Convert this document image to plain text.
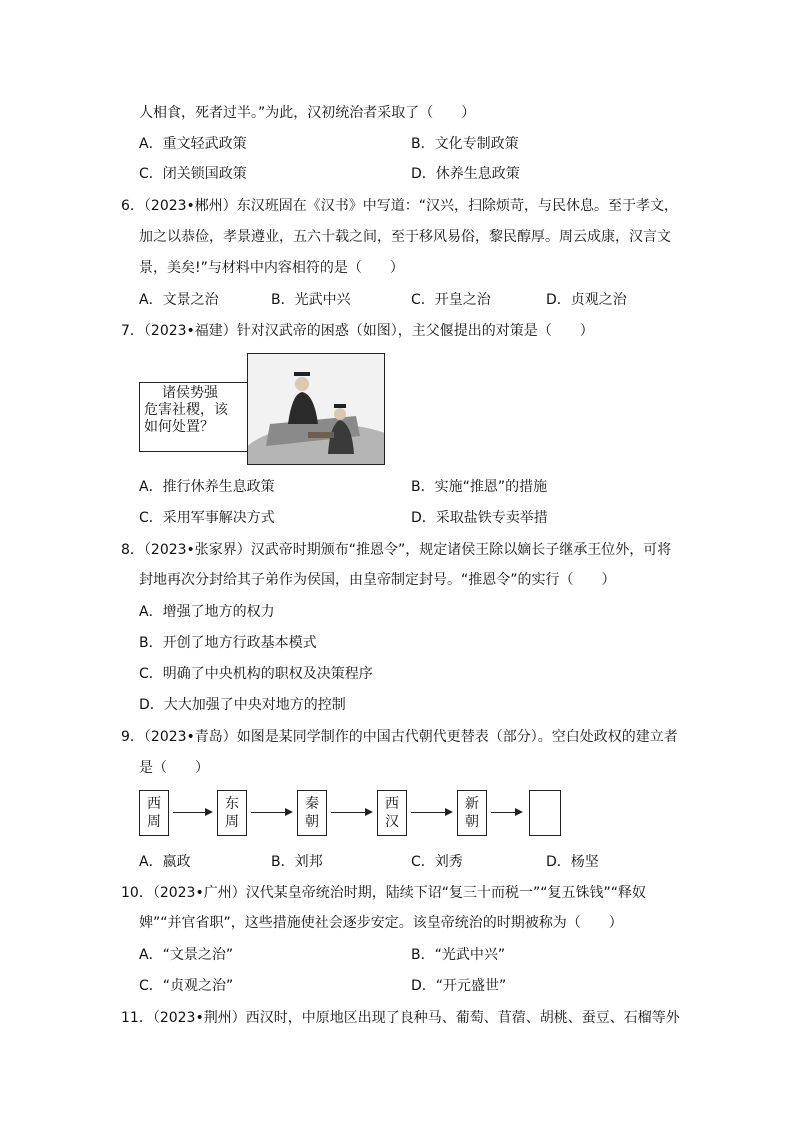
人相食，死者过半。”为此，汉初统治者采取了（　　）
A．重文轻武政策	B．文化专制政策
C．闭关锁国政策	D．休养生息政策
6．（2023•郴州）东汉班固在《汉书》中写道：“汉兴，扫除烦苛，与民休息。至于孝文，
加之以恭俭，孝景遵业，五六十载之间，至于移风易俗，黎民醇厚。周云成康，汉言文
景，美矣!”与材料中内容相符的是（　　）
A．文景之治	B．光武中兴	C．开皇之治	D．贞观之治
7．（2023•福建）针对汉武帝的困惑（如图），主父偃提出的对策是（　　）
诸侯势强
危害社稷，该
如何处置？
A．推行休养生息政策	B．实施“推恩”的措施
C．采用军事解决方式	D．采取盐铁专卖举措
8．（2023•张家界）汉武帝时期颁布“推恩令”，规定诸侯王除以嫡长子继承王位外，可将
封地再次分封给其子弟作为侯国，由皇帝制定封号。“推恩令”的实行（　　）
A．增强了地方的权力
B．开创了地方行政基本模式
C．明确了中央机构的职权及决策程序
D．大大加强了中央对地方的控制
9．（2023•青岛）如图是某同学制作的中国古代朝代更替表（部分）。空白处政权的建立者
是（　　）
西
周
东
周
秦
朝
西
汉
新
朝
A．嬴政	B．刘邦	C．刘秀	D．杨坚
10．（2023•广州）汉代某皇帝统治时期，陆续下诏“复三十而税一”“复五铢钱”“释奴
婢”“并官省职”，这些措施使社会逐步安定。该皇帝统治的时期被称为（　　）
A．“文景之治”	B．“光武中兴”
C．“贞观之治”	D．“开元盛世”
11．（2023•荆州）西汉时，中原地区出现了良种马、葡萄、苜蓿、胡桃、蚕豆、石榴等外
